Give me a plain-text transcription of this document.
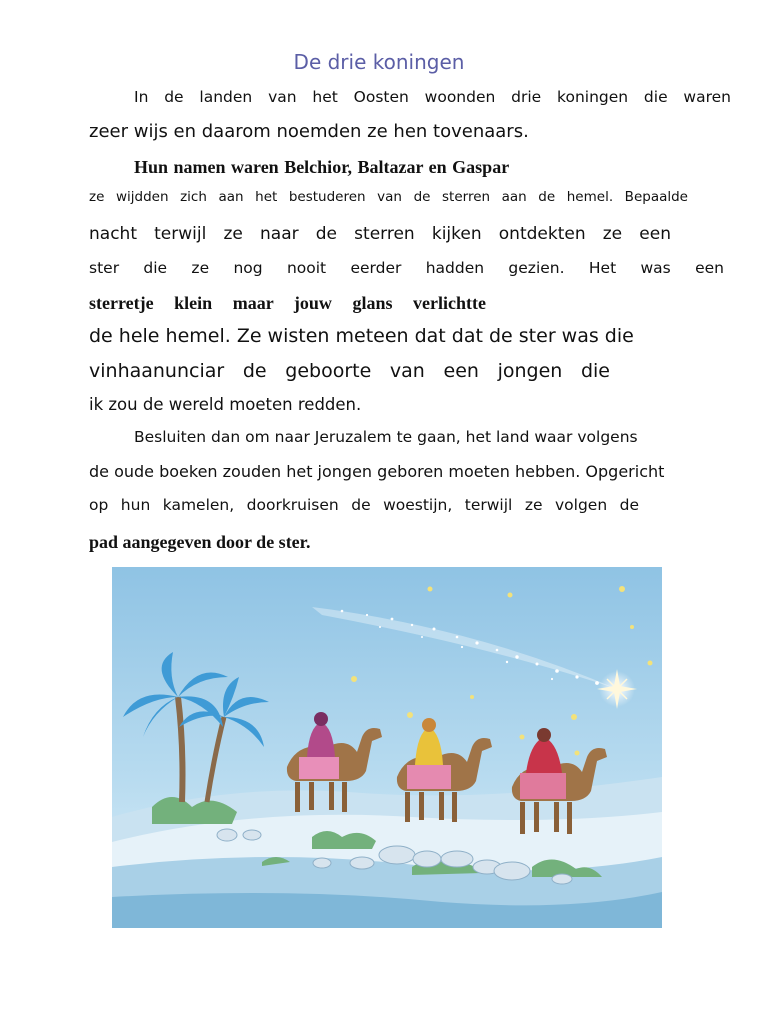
De drie koningen
In de landen van het Oosten woonden drie koningen die waren
zeer wijs en daarom noemden ze hen tovenaars.
Hun namen waren Belchior, Baltazar en Gaspar
ze wijdden zich aan het bestuderen van de sterren aan de hemel. Bepaalde
nacht terwijl ze naar de sterren kijken ontdekten ze een
ster die ze nog nooit eerder hadden gezien. Het was een
sterretje klein maar jouw glans verlichtte
de hele hemel. Ze wisten meteen dat dat de ster was die
vinhaanunciar de geboorte van een jongen die
ik zou de wereld moeten redden.
Besluiten dan om naar Jeruzalem te gaan, het land waar volgens
de oude boeken zouden het jongen geboren moeten hebben. Opgericht
op hun kamelen, doorkruisen de woestijn, terwijl ze volgen de
pad aangegeven door de ster.
